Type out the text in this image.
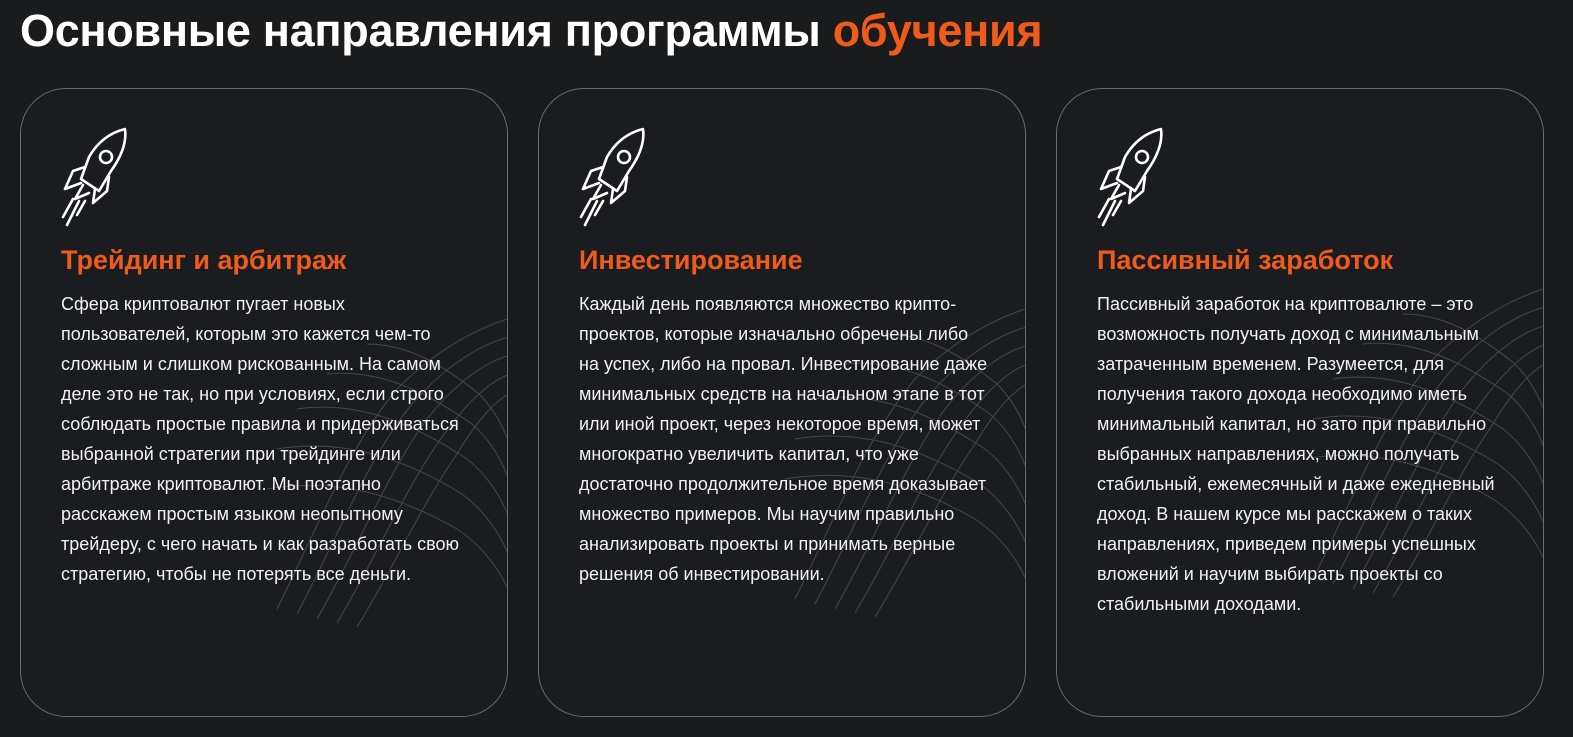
Основные направления программы обучения
Трейдинг и арбитраж

Сфера криптовалют пугает новых пользователей, которым это кажется чем-то сложным и слишком рискованным. На самом деле это не так, но при условиях, если строго соблюдать простые правила и придерживаться выбранной стратегии при трейдинге или арбитраже криптовалют. Мы поэтапно расскажем простым языком неопытному трейдеру, с чего начать и как разработать свою стратегию, чтобы не потерять все деньги.

Инвестирование

Каждый день появляются множество крипто-проектов, которые изначально обречены либо на успех, либо на провал. Инвестирование даже минимальных средств на начальном этапе в тот или иной проект, через некоторое время, может многократно увеличить капитал, что уже достаточно продолжительное время доказывает множество примеров. Мы научим правильно анализировать проекты и принимать верные решения об инвестировании.

Пассивный заработок

Пассивный заработок на криптовалюте – это возможность получать доход с минимальным затраченным временем. Разумеется, для получения такого дохода необходимо иметь минимальный капитал, но зато при правильно выбранных направлениях, можно получать стабильный, ежемесячный и даже ежедневный доход. В нашем курсе мы расскажем о таких направлениях, приведем примеры успешных вложений и научим выбирать проекты со стабильными доходами.
